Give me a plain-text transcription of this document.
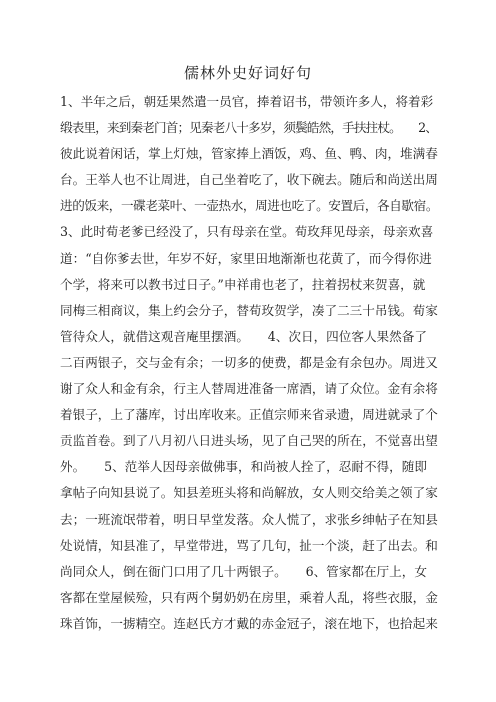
儒林外史好词好句
1、半年之后，朝廷果然遣一员官，捧着诏书，带领许多人，将着彩
缎表里，来到秦老门首；见秦老八十多岁，须鬓皓然，手扶拄杖。　　2、
彼此说着闲话，掌上灯烛，管家捧上酒饭，鸡、鱼、鸭、肉，堆满春
台。王举人也不让周进，自己坐着吃了，收下碗去。随后和尚送出周
进的饭来，一碟老菜叶、一壶热水，周进也吃了。安置后，各自歇宿。
3、此时荀老爹已经没了，只有母亲在堂。荀玫拜见母亲，母亲欢喜
道：“自你爹去世，年岁不好，家里田地渐渐也花黄了，而今得你进
个学，将来可以教书过日子。”申祥甫也老了，拄着拐杖来贺喜，就
同梅三相商议，集上约会分子，替荀玫贺学，凑了二三十吊钱。荀家
管待众人，就借这观音庵里摆酒。　　4、次日，四位客人果然备了
二百两银子，交与金有余；一切多的使费，都是金有余包办。周进又
谢了众人和金有余，行主人替周进准备一席酒，请了众位。金有余将
着银子，上了藩库，讨出库收来。正值宗师来省录遗，周进就录了个
贡监首卷。到了八月初八日进头场，见了自己哭的所在，不觉喜出望
外。　　5、范举人因母亲做佛事，和尚被人拴了，忍耐不得，随即
拿帖子向知县说了。知县差班头将和尚解放，女人则交给美之领了家
去；一班流氓带着，明日早堂发落。众人慌了，求张乡绅帖子在知县
处说情，知县准了，早堂带进，骂了几句，扯一个淡，赶了出去。和
尚同众人，倒在衙门口用了几十两银子。　　6、管家都在厅上，女
客都在堂屋候殓，只有两个舅奶奶在房里，乘着人乱，将些衣服，金
珠首饰，一掳精空。连赵氏方才戴的赤金冠子，滚在地下，也拾起来
